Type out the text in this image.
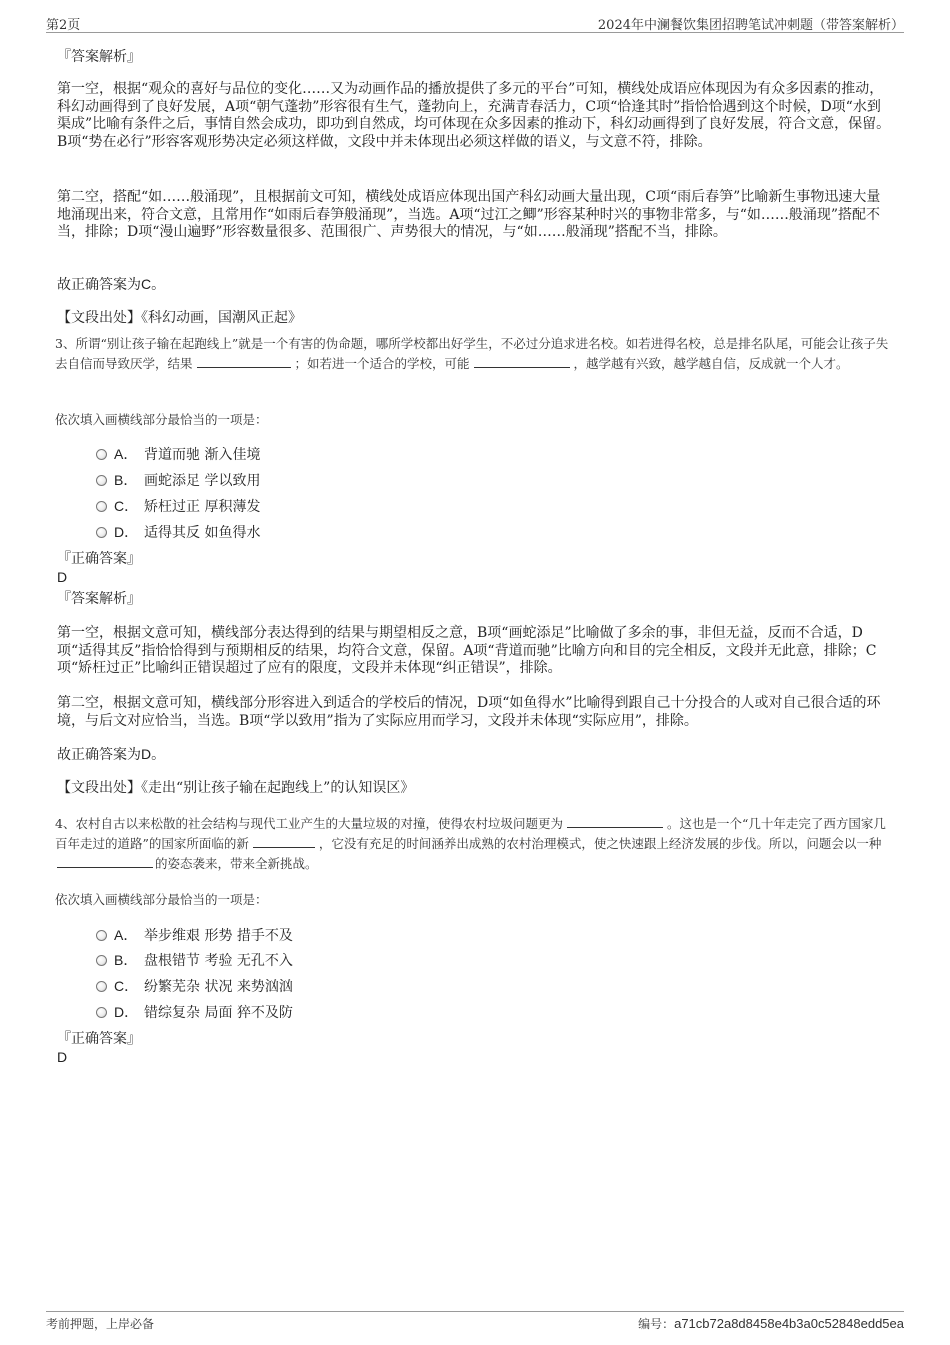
第2页	2024年中澜餐饮集团招聘笔试冲刺题（带答案解析）
『答案解析』
第一空，根据“观众的喜好与品位的变化……又为动画作品的播放提供了多元的平台”可知，横线处成语应体现因为有众多因素的推动，科幻动画得到了良好发展，A项“朝气蓬勃”形容很有生气，蓬勃向上，充满青春活力，C项“恰逢其时”指恰恰遇到这个时候，D项“水到渠成”比喻有条件之后，事情自然会成功，即功到自然成，均可体现在众多因素的推动下，科幻动画得到了良好发展，符合文意，保留。B项“势在必行”形容客观形势决定必须这样做，文段中并未体现出必须这样做的语义，与文意不符，排除。
第二空，搭配“如……般涌现”，且根据前文可知，横线处成语应体现出国产科幻动画大量出现，C项“雨后春笋”比喻新生事物迅速大量地涌现出来，符合文意，且常用作“如雨后春笋般涌现”，当选。A项“过江之鲫”形容某种时兴的事物非常多，与“如……般涌现”搭配不当，排除；D项“漫山遍野”形容数量很多、范围很广、声势很大的情况，与“如……般涌现”搭配不当，排除。
故正确答案为C。
【文段出处】《科幻动画，国潮风正起》
3、所谓“别让孩子输在起跑线上”就是一个有害的伪命题，哪所学校都出好学生，不必过分追求进名校。如若进得名校，总是排名队尾，可能会让孩子失去自信而导致厌学，结果	；如若进一个适合的学校，可能	，越学越有兴致，越学越自信，反成就一个人才。
依次填入画横线部分最恰当的一项是：
A． 背道而驰 渐入佳境
B． 画蛇添足 学以致用
C． 矫枉过正 厚积薄发
D． 适得其反 如鱼得水
『正确答案』
D
『答案解析』
第一空，根据文意可知，横线部分表达得到的结果与期望相反之意，B项“画蛇添足”比喻做了多余的事，非但无益，反而不合适，D项“适得其反”指恰恰得到与预期相反的结果，均符合文意，保留。A项“背道而驰”比喻方向和目的完全相反，文段并无此意，排除；C项“矫枉过正”比喻纠正错误超过了应有的限度，文段并未体现“纠正错误”，排除。
第二空，根据文意可知，横线部分形容进入到适合的学校后的情况，D项“如鱼得水”比喻得到跟自己十分投合的人或对自己很合适的环境，与后文对应恰当，当选。B项“学以致用”指为了实际应用而学习，文段并未体现“实际应用”，排除。
故正确答案为D。
【文段出处】《走出“别让孩子输在起跑线上”的认知误区》
4、农村自古以来松散的社会结构与现代工业产生的大量垃圾的对撞，使得农村垃圾问题更为	。这也是一个“几十年走完了西方国家几百年走过的道路”的国家所面临的新	，它没有充足的时间涵养出成熟的农村治理模式，使之快速跟上经济发展的步伐。所以，问题会以一种的姿态袭来，带来全新挑战。
依次填入画横线部分最恰当的一项是：
A． 举步维艰 形势 措手不及
B． 盘根错节 考验 无孔不入
C． 纷繁芜杂 状况 来势汹汹
D． 错综复杂 局面 猝不及防
『正确答案』
D
考前押题，上岸必备	编号：a71cb72a8d8458e4b3a0c52848edd5ea
